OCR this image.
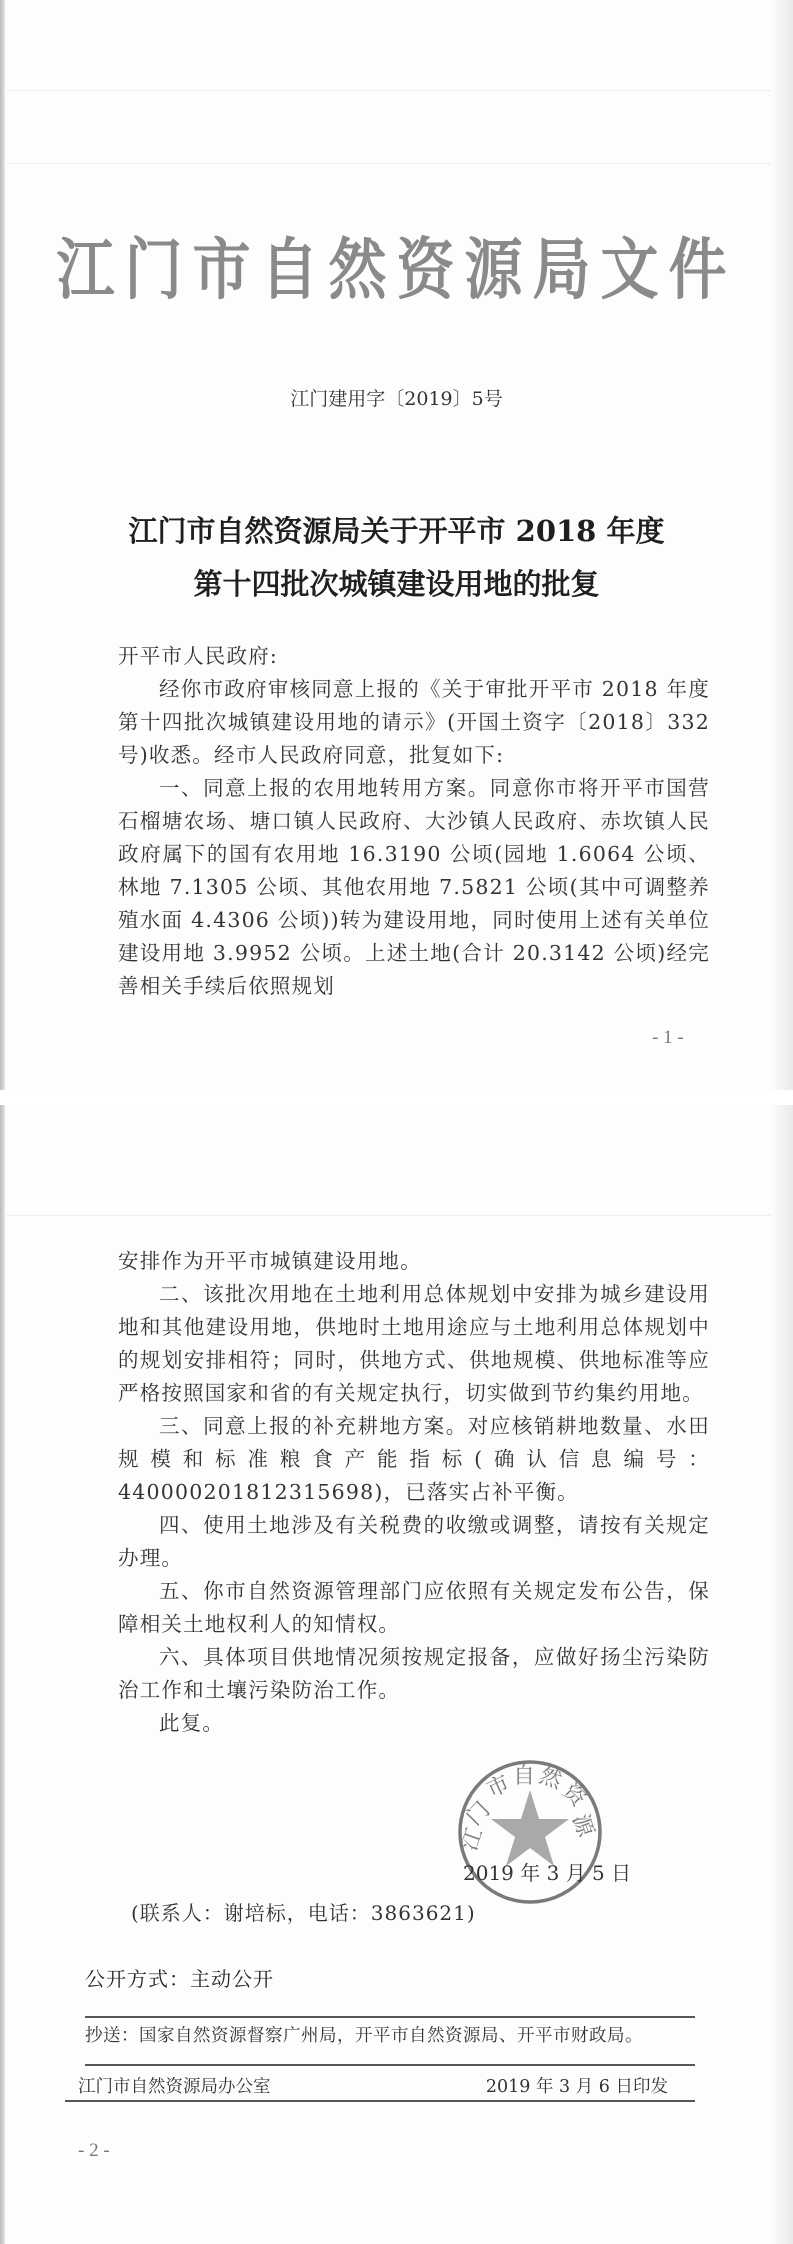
江门市自然资源局文件
江门建用字〔2019〕5号
江门市自然资源局关于开平市 2018 年度
第十四批次城镇建设用地的批复

开平市人民政府:

经你市政府审核同意上报的《关于审批开平市 2018 年度第十四批次城镇建设用地的请示》(开国土资字〔2018〕332 号)收悉。经市人民政府同意，批复如下:

一、同意上报的农用地转用方案。同意你市将开平市国营石榴塘农场、塘口镇人民政府、大沙镇人民政府、赤坎镇人民政府属下的国有农用地 16.3190 公顷(园地 1.6064 公顷、林地 7.1305 公顷、其他农用地 7.5821 公顷(其中可调整养殖水面 4.4306 公顷))转为建设用地，同时使用上述有关单位建设用地 3.9952 公顷。上述土地(合计 20.3142 公顷)经完善相关手续后依照规划

- 1 -

安排作为开平市城镇建设用地。

二、该批次用地在土地利用总体规划中安排为城乡建设用地和其他建设用地，供地时土地用途应与土地利用总体规划中的规划安排相符；同时，供地方式、供地规模、供地标准等应严格按照国家和省的有关规定执行，切实做到节约集约用地。

三、同意上报的补充耕地方案。对应核销耕地数量、水田规模和标准粮食产能指标(确认信息编号：440000201812315698)，已落实占补平衡。

四、使用土地涉及有关税费的收缴或调整，请按有关规定办理。

五、你市自然资源管理部门应依照有关规定发布公告，保障相关土地权利人的知情权。

六、具体项目供地情况须按规定报备，应做好扬尘污染防治工作和土壤污染防治工作。

此复。

江
门
市 自 然
资
源
2019 年 3 月 5 日
(联系人：谢培标，电话：3863621)
公开方式：主动公开
抄送：国家自然资源督察广州局，开平市自然资源局、开平市财政局。
江门市自然资源局办公室	2019 年 3 月 6 日印发
- 2 -
